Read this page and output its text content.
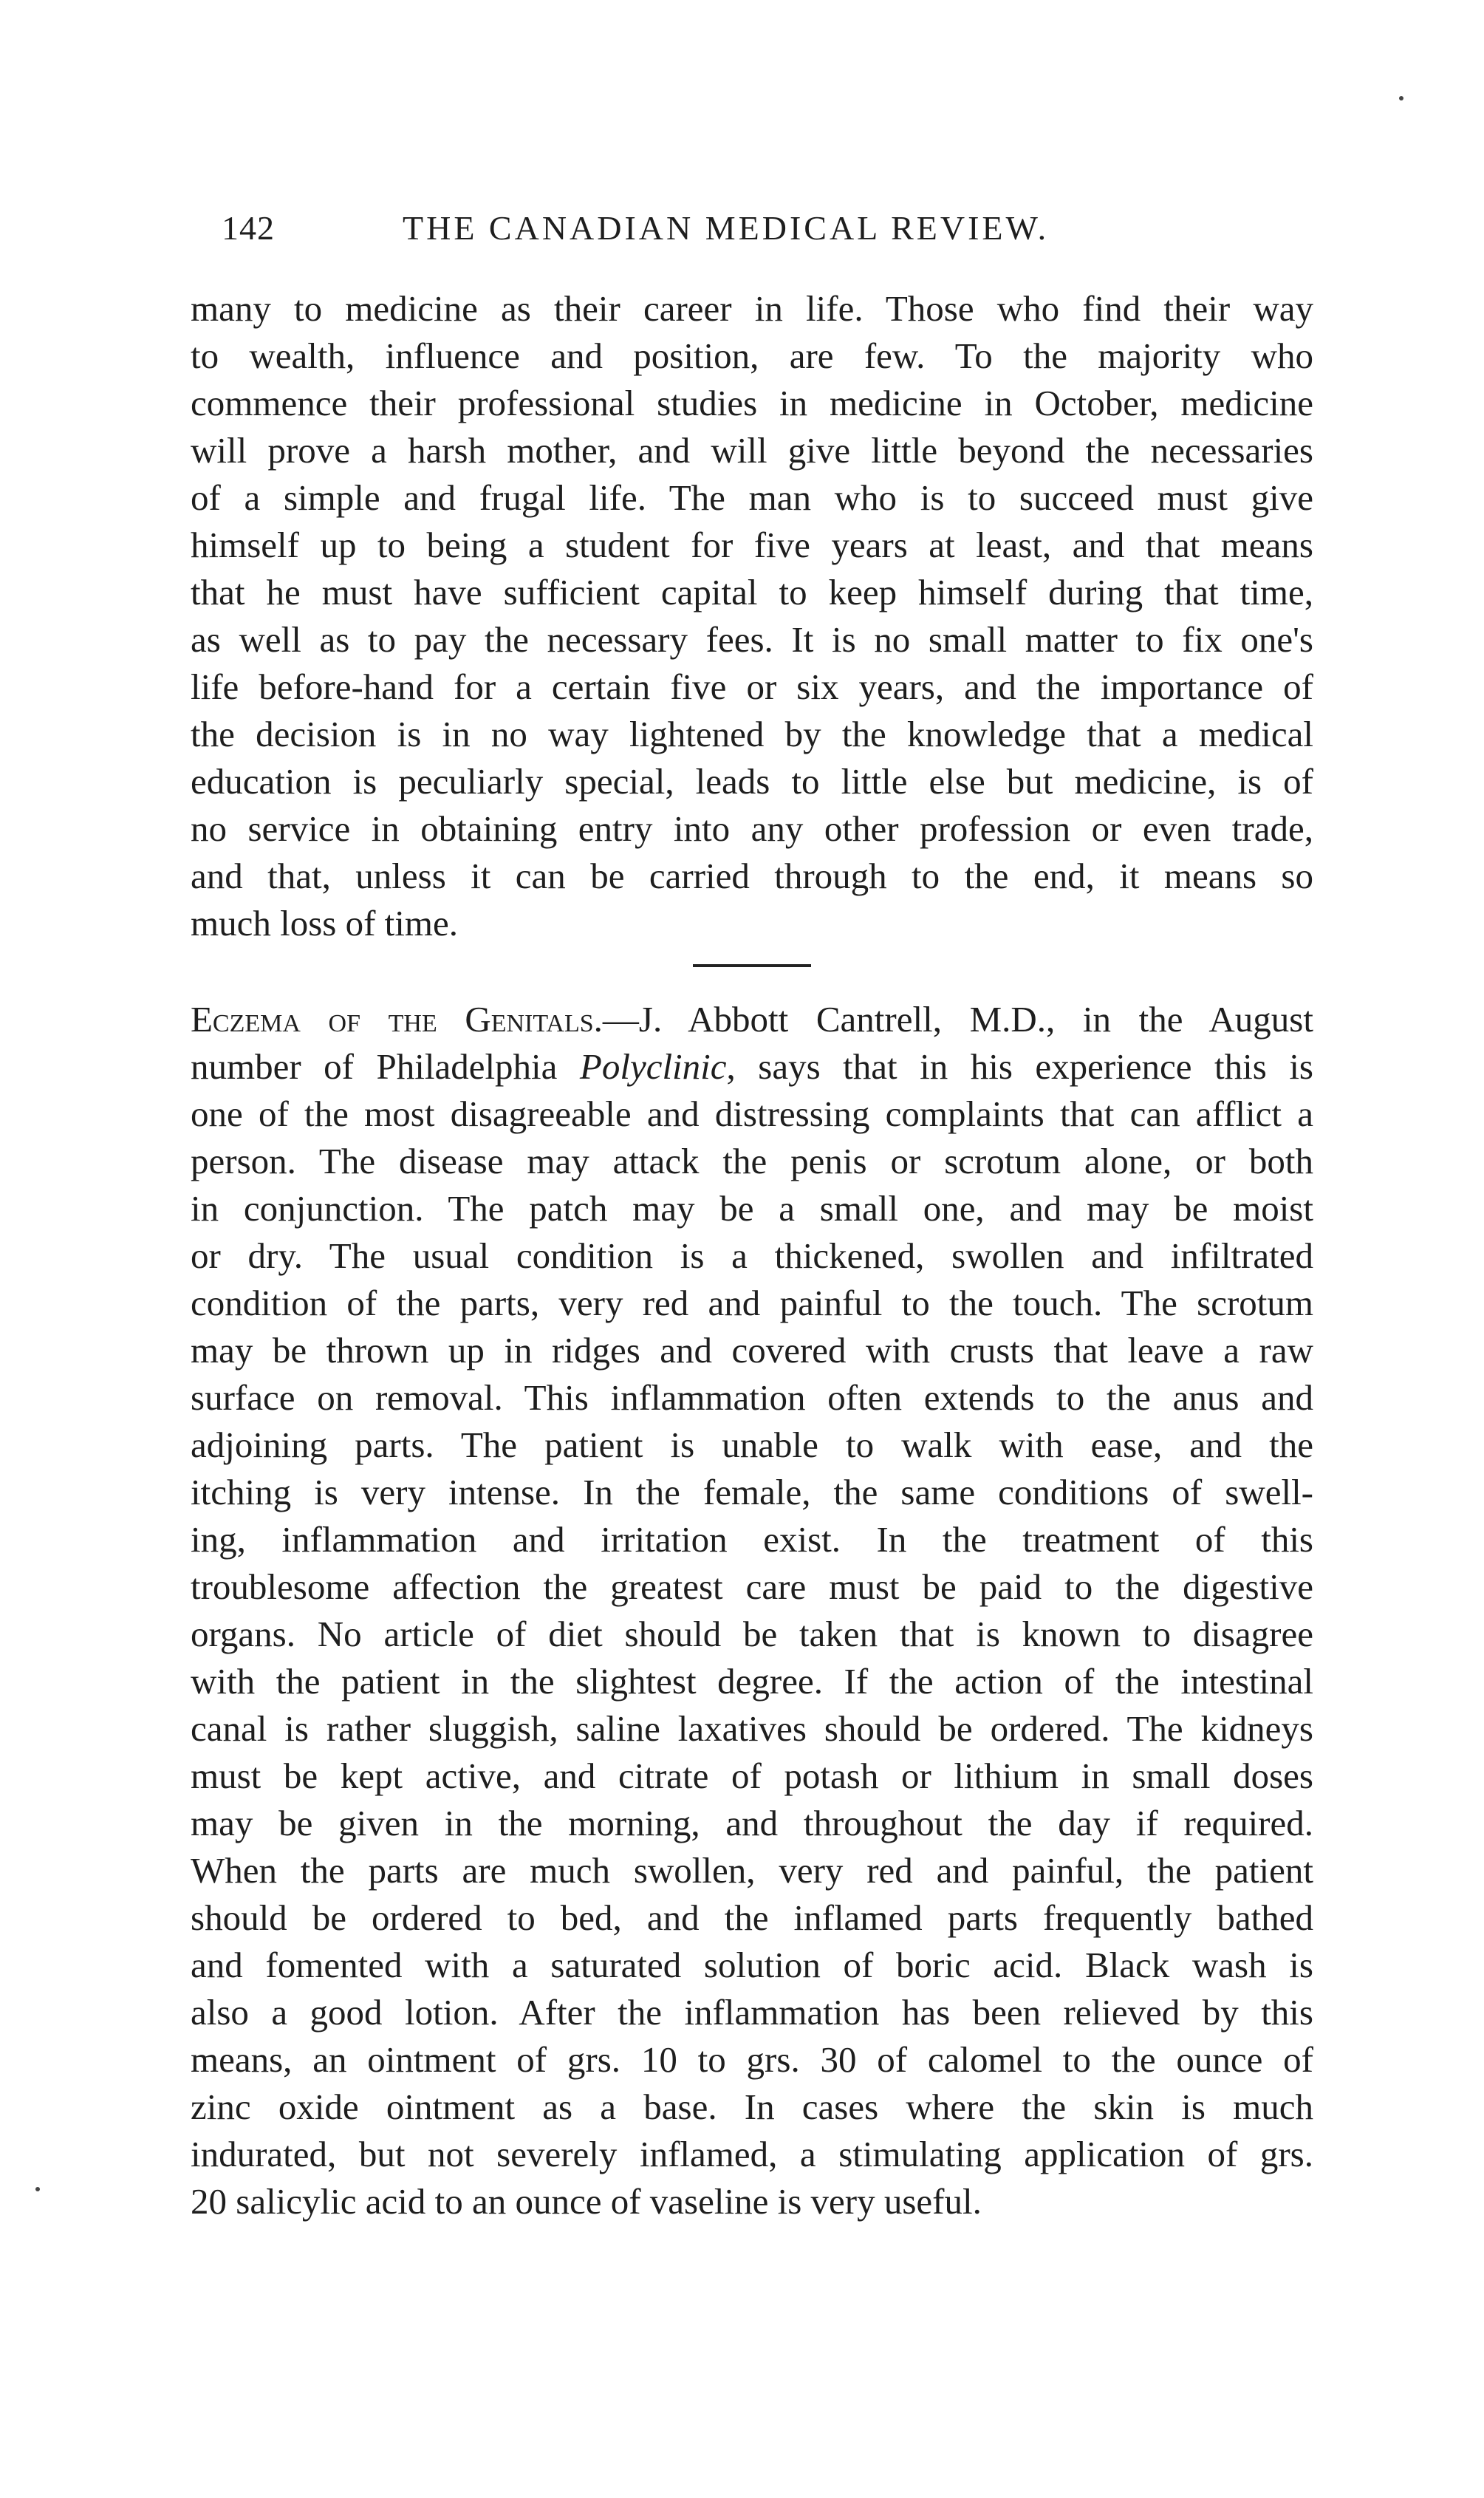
142	THE CANADIAN MEDICAL REVIEW.
many to medicine as their career in life. Those who find their way
to wealth, influence and position, are few. To the majority who
commence their professional studies in medicine in October, medicine
will prove a harsh mother, and will give little beyond the necessaries
of a simple and frugal life. The man who is to succeed must give
himself up to being a student for five years at least, and that means
that he must have sufficient capital to keep himself during that time,
as well as to pay the necessary fees. It is no small matter to fix one's
life before-hand for a certain five or six years, and the importance of
the decision is in no way lightened by the knowledge that a medical
education is peculiarly special, leads to little else but medicine, is of
no service in obtaining entry into any other profession or even trade,
and that, unless it can be carried through to the end, it means so
much loss of time.
Eczema of the Genitals.—J. Abbott Cantrell, M.D., in the August
number of Philadelphia Polyclinic, says that in his experience this is
one of the most disagreeable and distressing complaints that can afflict a
person. The disease may attack the penis or scrotum alone, or both
in conjunction. The patch may be a small one, and may be moist
or dry. The usual condition is a thickened, swollen and infiltrated
condition of the parts, very red and painful to the touch. The scrotum
may be thrown up in ridges and covered with crusts that leave a raw
surface on removal. This inflammation often extends to the anus and
adjoining parts. The patient is unable to walk with ease, and the
itching is very intense. In the female, the same conditions of swell-
ing, inflammation and irritation exist. In the treatment of this
troublesome affection the greatest care must be paid to the digestive
organs. No article of diet should be taken that is known to disagree
with the patient in the slightest degree. If the action of the intestinal
canal is rather sluggish, saline laxatives should be ordered. The kidneys
must be kept active, and citrate of potash or lithium in small doses
may be given in the morning, and throughout the day if required.
When the parts are much swollen, very red and painful, the patient
should be ordered to bed, and the inflamed parts frequently bathed
and fomented with a saturated solution of boric acid. Black wash is
also a good lotion. After the inflammation has been relieved by this
means, an ointment of grs. 10 to grs. 30 of calomel to the ounce of
zinc oxide ointment as a base. In cases where the skin is much
indurated, but not severely inflamed, a stimulating application of grs.
20 salicylic acid to an ounce of vaseline is very useful.
